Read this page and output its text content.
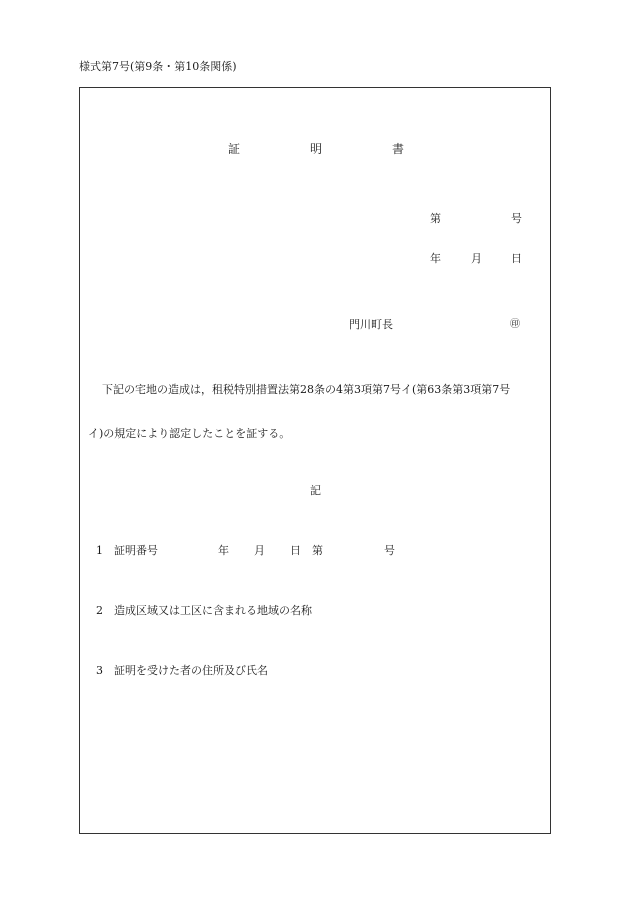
様式第7号(第9条・第10条関係)
証	明	書
第	号
年	月	日
門川町長	㊞
下記の宅地の造成は，租税特別措置法第28条の4第3項第7号イ(第63条第3項第7号
イ)の規定により認定したことを証する。
記
1 証明番号	年 月 日 第	号
2 造成区域又は工区に含まれる地域の名称
3 証明を受けた者の住所及び氏名
